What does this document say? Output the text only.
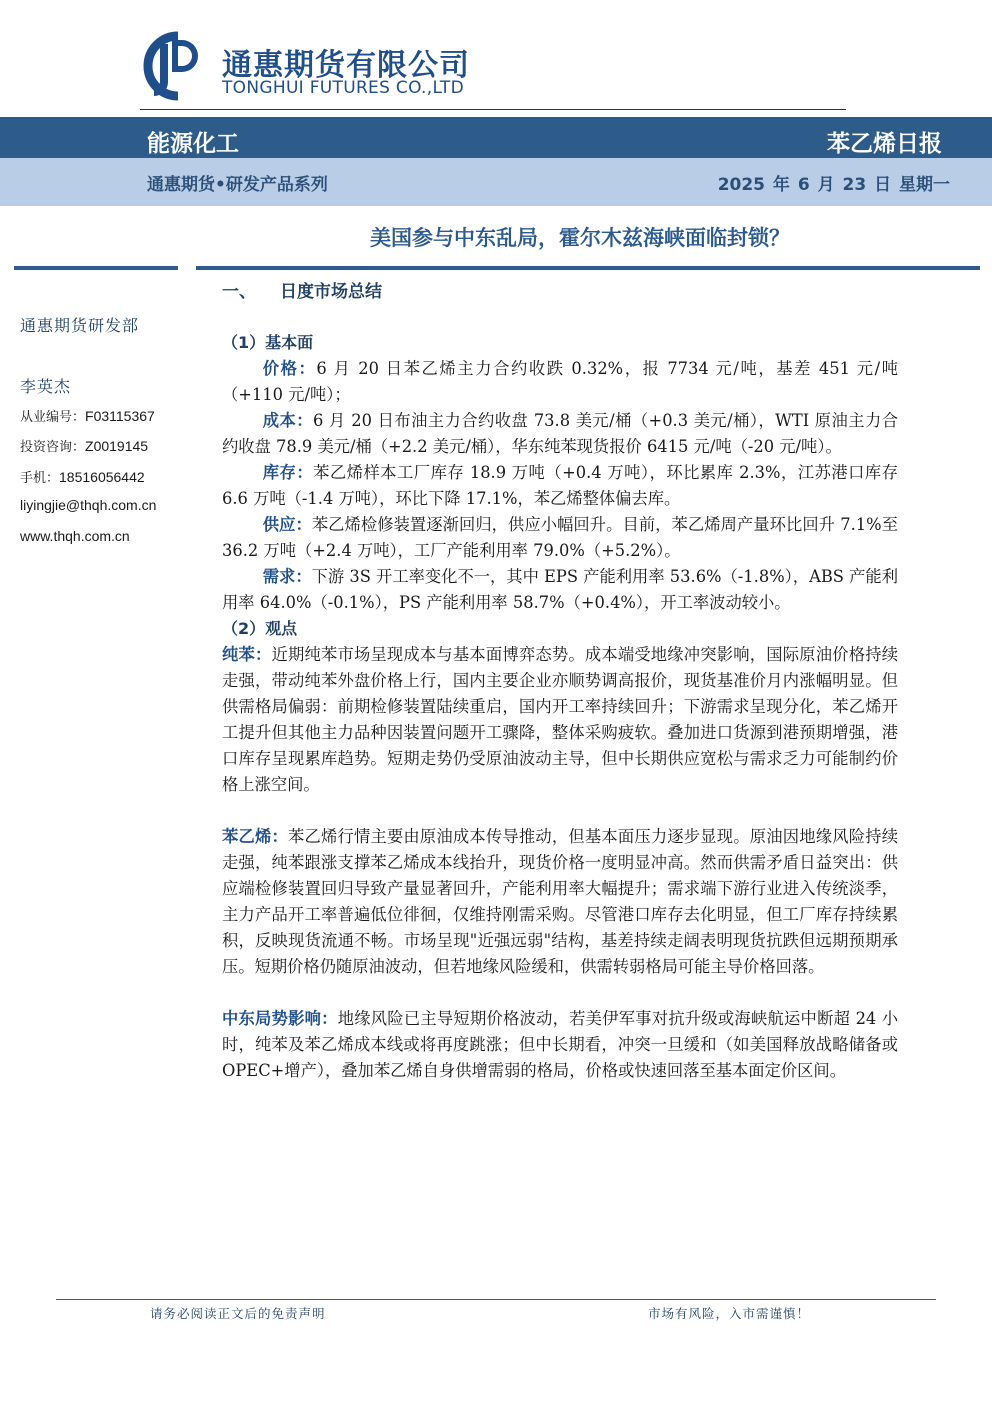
通惠期货有限公司
TONGHUI FUTURES CO.,LTD
能源化工	苯乙烯日报
通惠期货•研发产品系列	2025 年 6 月 23 日 星期一
美国参与中东乱局，霍尔木兹海峡面临封锁？
通惠期货研发部
李英杰
从业编号：F03115367
投资咨询：Z0019145
手机：18516056442
liyingjie@thqh.com.cn
www.thqh.com.cn
一、 日度市场总结

（1）基本面

价格：6 月 20 日苯乙烯主力合约收跌 0.32%，报 7734 元/吨，基差 451 元/吨（+110 元/吨）；

成本：6 月 20 日布油主力合约收盘 73.8 美元/桶（+0.3 美元/桶），WTI 原油主力合约收盘 78.9 美元/桶（+2.2 美元/桶），华东纯苯现货报价 6415 元/吨（-20 元/吨）。

库存：苯乙烯样本工厂库存 18.9 万吨（+0.4 万吨），环比累库 2.3%，江苏港口库存 6.6 万吨（-1.4 万吨），环比下降 17.1%，苯乙烯整体偏去库。

供应：苯乙烯检修装置逐渐回归，供应小幅回升。目前，苯乙烯周产量环比回升 7.1%至 36.2 万吨（+2.4 万吨），工厂产能利用率 79.0%（+5.2%）。

需求：下游 3S 开工率变化不一，其中 EPS 产能利用率 53.6%（-1.8%），ABS 产能利用率 64.0%（-0.1%），PS 产能利用率 58.7%（+0.4%），开工率波动较小。

（2）观点

纯苯：近期纯苯市场呈现成本与基本面博弈态势。成本端受地缘冲突影响，国际原油价格持续走强，带动纯苯外盘价格上行，国内主要企业亦顺势调高报价，现货基准价月内涨幅明显。但供需格局偏弱：前期检修装置陆续重启，国内开工率持续回升；下游需求呈现分化，苯乙烯开工提升但其他主力品种因装置问题开工骤降，整体采购疲软。叠加进口货源到港预期增强，港口库存呈现累库趋势。短期走势仍受原油波动主导，但中长期供应宽松与需求乏力可能制约价格上涨空间。

苯乙烯：苯乙烯行情主要由原油成本传导推动，但基本面压力逐步显现。原油因地缘风险持续走强，纯苯跟涨支撑苯乙烯成本线抬升，现货价格一度明显冲高。然而供需矛盾日益突出：供应端检修装置回归导致产量显著回升，产能利用率大幅提升；需求端下游行业进入传统淡季，主力产品开工率普遍低位徘徊，仅维持刚需采购。尽管港口库存去化明显，但工厂库存持续累积，反映现货流通不畅。市场呈现"近强远弱"结构，基差持续走阔表明现货抗跌但远期预期承压。短期价格仍随原油波动，但若地缘风险缓和，供需转弱格局可能主导价格回落。

中东局势影响：地缘风险已主导短期价格波动，若美伊军事对抗升级或海峡航运中断超 24 小时，纯苯及苯乙烯成本线或将再度跳涨；但中长期看，冲突一旦缓和（如美国释放战略储备或 OPEC+增产），叠加苯乙烯自身供增需弱的格局，价格或快速回落至基本面定价区间。

请务必阅读正文后的免责声明	市场有风险，入市需谨慎！
